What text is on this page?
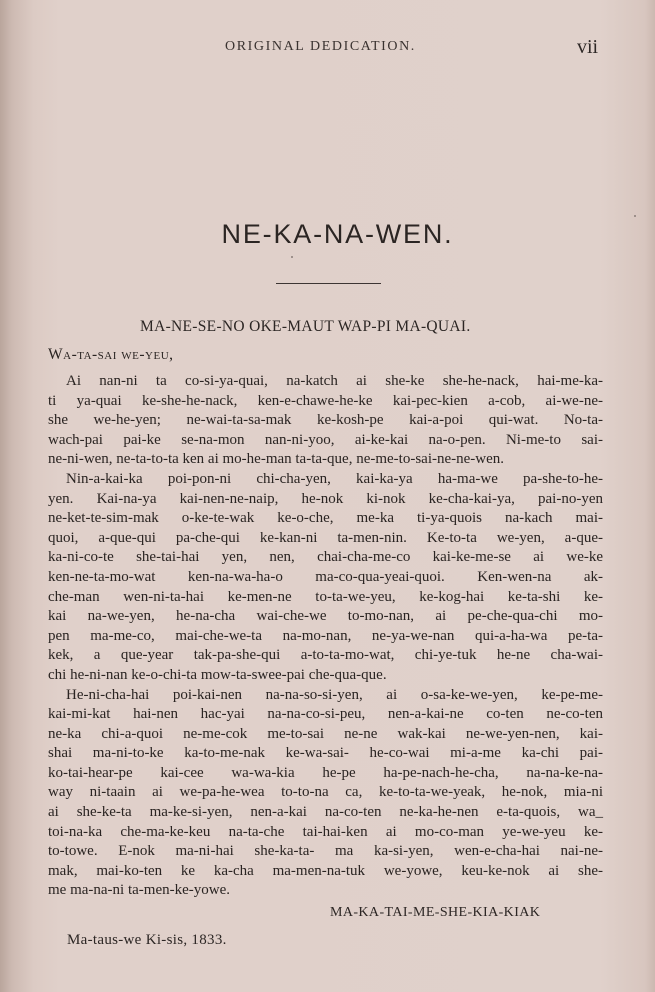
ORIGINAL DEDICATION.	vii
NE-KA-NA-WEN.
MA-NE-SE-NO OKE-MAUT WAP-PI MA-QUAI.
Wa-ta-sai we-yeu,
Ai nan-ni ta co-si-ya-quai, na-katch ai she-ke she-he-nack, hai-me-ka-
ti ya-quai ke-she-he-nack, ken-e-chawe-he-ke kai-pec-kien a-cob, ai-we-ne-
she we-he-yen; ne-wai-ta-sa-mak ke-kosh-pe kai-a-poi qui-wat. No-ta-
wach-pai pai-ke se-na-mon nan-ni-yoo, ai-ke-kai na-o-pen. Ni-me-to sai-
ne-ni-wen, ne-ta-to-ta ken ai mo-he-man ta-ta-que, ne-me-to-sai-ne-ne-wen.
Nin-a-kai-ka poi-pon-ni chi-cha-yen, kai-ka-ya ha-ma-we pa-she-to-he-
yen. Kai-na-ya kai-nen-ne-naip, he-nok ki-nok ke-cha-kai-ya, pai-no-yen
ne-ket-te-sim-mak o-ke-te-wak ke-o-che, me-ka ti-ya-quois na-kach mai-
quoi, a-que-qui pa-che-qui ke-kan-ni ta-men-nin. Ke-to-ta we-yen, a-que-
ka-ni-co-te she-tai-hai yen, nen, chai-cha-me-co kai-ke-me-se ai we-ke
ken-ne-ta-mo-wat ken-na-wa-ha-o ma-co-qua-yeai-quoi. Ken-wen-na ak-
che-man wen-ni-ta-hai ke-men-ne to-ta-we-yeu, ke-kog-hai ke-ta-shi ke-
kai na-we-yen, he-na-cha wai-che-we to-mo-nan, ai pe-che-qua-chi mo-
pen ma-me-co, mai-che-we-ta na-mo-nan, ne-ya-we-nan qui-a-ha-wa pe-ta-
kek, a que-year tak-pa-she-qui a-to-ta-mo-wat, chi-ye-tuk he-ne cha-wai-
chi he-ni-nan ke-o-chi-ta mow-ta-swee-pai che-qua-que.
He-ni-cha-hai poi-kai-nen na-na-so-si-yen, ai o-sa-ke-we-yen, ke-pe-me-
kai-mi-kat hai-nen hac-yai na-na-co-si-peu, nen-a-kai-ne co-ten ne-co-ten
ne-ka chi-a-quoi ne-me-cok me-to-sai ne-ne wak-kai ne-we-yen-nen, kai-
shai ma-ni-to-ke ka-to-me-nak ke-wa-sai- he-co-wai mi-a-me ka-chi pai-
ko-tai-hear-pe kai-cee wa-wa-kia he-pe ha-pe-nach-he-cha, na-na-ke-na-
way ni-taain ai we-pa-he-wea to-to-na ca, ke-to-ta-we-yeak, he-nok, mia-ni
ai she-ke-ta ma-ke-si-yen, nen-a-kai na-co-ten ne-ka-he-nen e-ta-quois, wa_
toi-na-ka che-ma-ke-keu na-ta-che tai-hai-ken ai mo-co-man ye-we-yeu ke-
to-towe. E-nok ma-ni-hai she-ka-ta- ma ka-si-yen, wen-e-cha-hai nai-ne-
mak, mai-ko-ten ke ka-cha ma-men-na-tuk we-yowe, keu-ke-nok ai she-
me ma-na-ni ta-men-ke-yowe.
MA-KA-TAI-ME-SHE-KIA-KIAK
Ma-taus-we Ki-sis, 1833.
